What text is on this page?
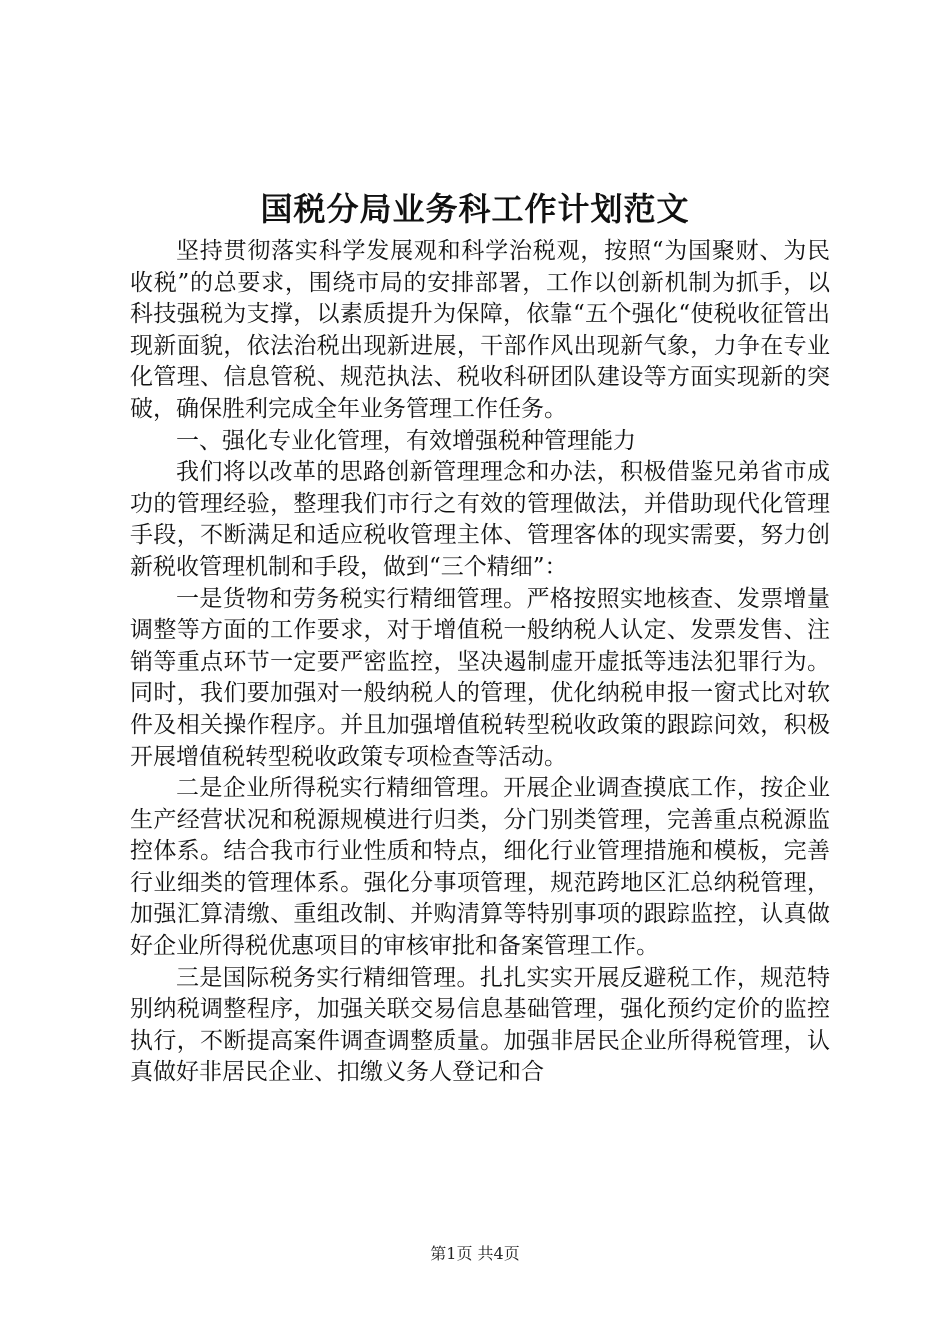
国税分局业务科工作计划范文

坚持贯彻落实科学发展观和科学治税观，按照“为国聚财、为民收税”的总要求，围绕市局的安排部署，工作以创新机制为抓手，以科技强税为支撑，以素质提升为保障，依靠“五个强化“使税收征管出现新面貌，依法治税出现新进展，干部作风出现新气象，力争在专业化管理、信息管税、规范执法、税收科研团队建设等方面实现新的突破，确保胜利完成全年业务管理工作任务。

一、强化专业化管理，有效增强税种管理能力

我们将以改革的思路创新管理理念和办法，积极借鉴兄弟省市成功的管理经验，整理我们市行之有效的管理做法，并借助现代化管理手段，不断满足和适应税收管理主体、管理客体的现实需要，努力创新税收管理机制和手段，做到“三个精细”：

一是货物和劳务税实行精细管理。严格按照实地核查、发票增量调整等方面的工作要求，对于增值税一般纳税人认定、发票发售、注销等重点环节一定要严密监控，坚决遏制虚开虚抵等违法犯罪行为。同时，我们要加强对一般纳税人的管理，优化纳税申报一窗式比对软件及相关操作程序。并且加强增值税转型税收政策的跟踪问效，积极开展增值税转型税收政策专项检查等活动。

二是企业所得税实行精细管理。开展企业调查摸底工作，按企业生产经营状况和税源规模进行归类，分门别类管理，完善重点税源监控体系。结合我市行业性质和特点，细化行业管理措施和模板，完善行业细类的管理体系。强化分事项管理，规范跨地区汇总纳税管理，加强汇算清缴、重组改制、并购清算等特别事项的跟踪监控，认真做好企业所得税优惠项目的审核审批和备案管理工作。

三是国际税务实行精细管理。扎扎实实开展反避税工作，规范特别纳税调整程序，加强关联交易信息基础管理，强化预约定价的监控执行，不断提高案件调查调整质量。加强非居民企业所得税管理，认真做好非居民企业、扣缴义务人登记和合

第1页 共4页
